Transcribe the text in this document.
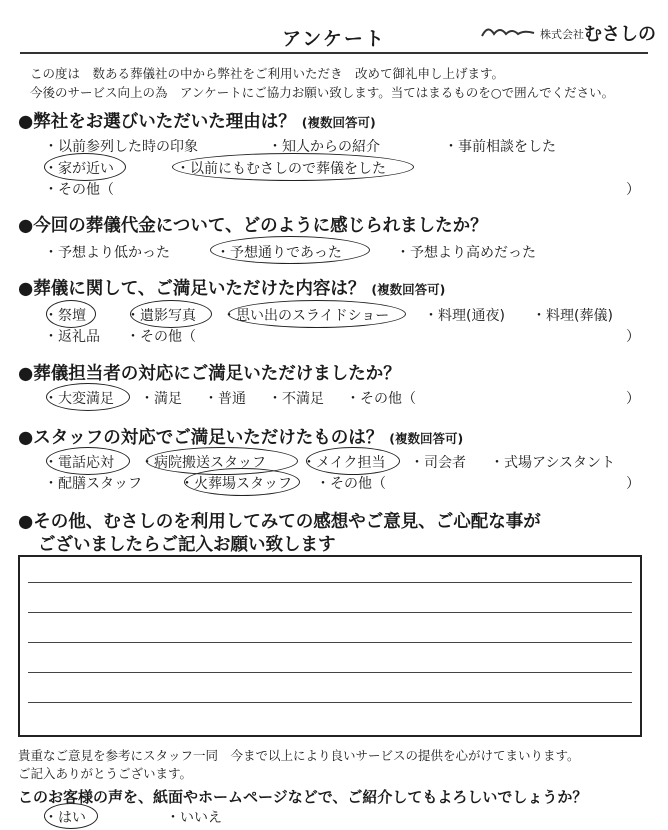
アンケート	株式会社 むさしの
この度は　数ある葬儀社の中から弊社をご利用いただき　改めて御礼申し上げます。
今後のサービス向上の為　アンケートにご協力お願い致します。当てはまるものを○で囲んでください。
●弊社をお選びいただいた理由は？ (複数回答可)
・以前参列した時の印象	・知人からの紹介	・事前相談をした
・家が近い	・以前にもむさしので葬儀をした
・その他（	）
●今回の葬儀代金について、どのように感じられましたか？
・予想より低かった	・予想通りであった	・予想より高めだった
●葬儀に関して、ご満足いただけた内容は？ (複数回答可)
・祭壇	・遺影写真 ・思い出のスライドショー ・料理(通夜) ・料理(葬儀)
・返礼品 ・その他（	）
●葬儀担当者の対応にご満足いただけましたか？
・大変満足 ・満足 ・普通 ・不満足 ・その他（	）
●スタッフの対応でご満足いただけたものは？ (複数回答可)
・電話応対 ・病院搬送スタッフ	・メイク担当 ・司会者 ・式場アシスタント
・配膳スタッフ	・火葬場スタッフ ・その他（	）
●その他、むさしのを利用してみての感想やご意見、ご心配な事が
ございましたらご記入お願い致します
貴重なご意見を参考にスタッフ一同　今まで以上により良いサービスの提供を心がけてまいります。
ご記入ありがとうございます。
このお客様の声を、紙面やホームページなどで、ご紹介してもよろしいでしょうか？
・はい	・いいえ
